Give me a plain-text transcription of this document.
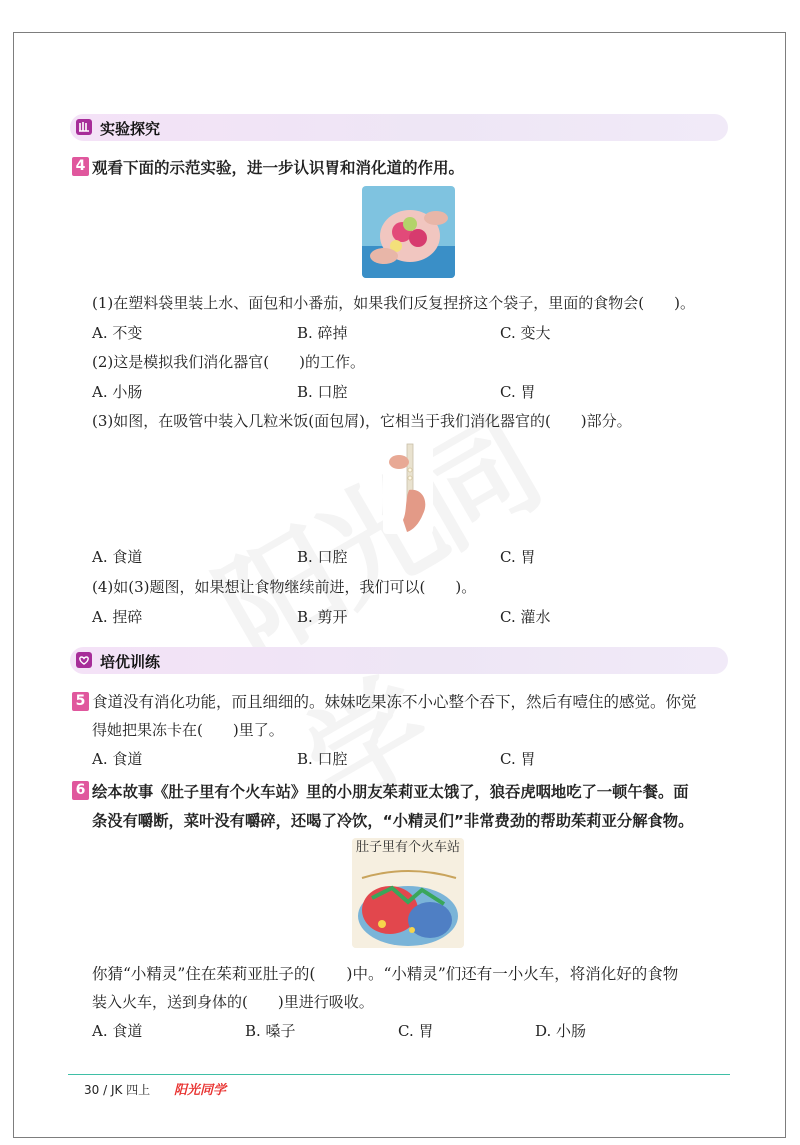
实验探究
4 观看下面的示范实验，进一步认识胃和消化道的作用。
(1)在塑料袋里装上水、面包和小番茄，如果我们反复捏挤这个袋子，里面的食物会(　　)。
A. 不变	B. 碎掉	C. 变大
(2)这是模拟我们消化器官(　　)的工作。
A. 小肠	B. 口腔	C. 胃
(3)如图，在吸管中装入几粒米饭(面包屑)，它相当于我们消化器官的(　　)部分。
A. 食道	B. 口腔	C. 胃
(4)如(3)题图，如果想让食物继续前进，我们可以(　　)。
A. 捏碎	B. 剪开	C. 灌水
培优训练
5 食道没有消化功能，而且细细的。妹妹吃果冻不小心整个吞下，然后有噎住的感觉。你觉
得她把果冻卡在(　　)里了。
A. 食道	B. 口腔	C. 胃
6 绘本故事《肚子里有个火车站》里的小朋友茱莉亚太饿了，狼吞虎咽地吃了一顿午餐。面
条没有嚼断，菜叶没有嚼碎，还喝了冷饮，“小精灵们”非常费劲的帮助茱莉亚分解食物。
肚子里有个火车站
你猜“小精灵”住在茱莉亚肚子的(　　)中。“小精灵”们还有一小火车，将消化好的食物
装入火车，送到身体的(　　)里进行吸收。
A. 食道	B. 嗓子	C. 胃	D. 小肠
30 / JK 四上 阳光同学
